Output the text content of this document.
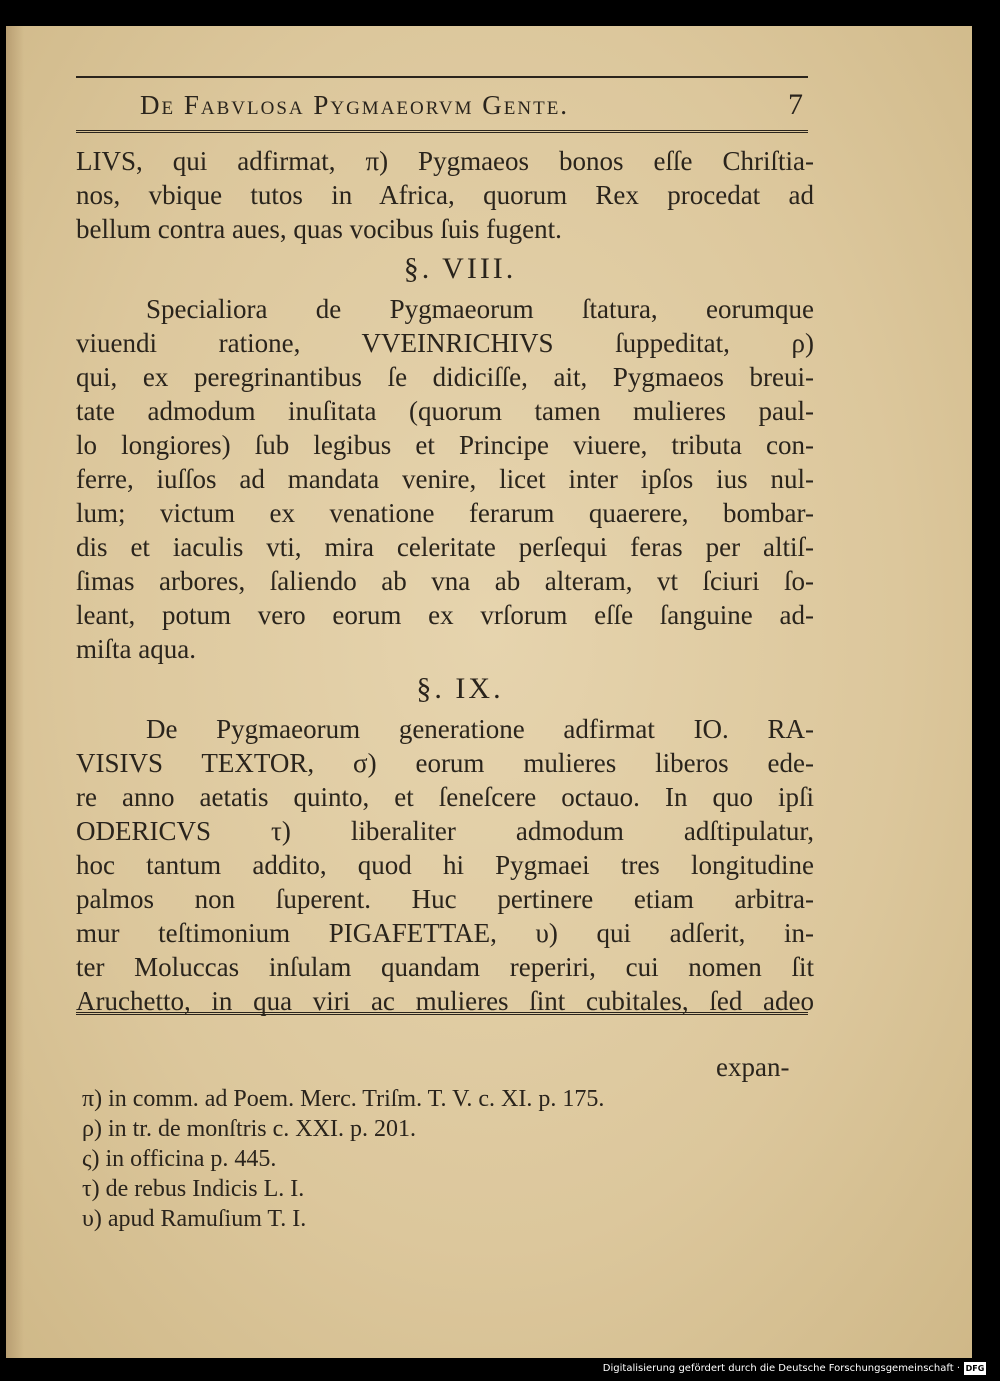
De Fabvlosa Pygmaeorvm Gente.	7
LIVS, qui adfirmat, π) Pygmaeos bonos eſſe Chriſtia-
nos, vbique tutos in Africa, quorum Rex procedat ad
bellum contra aues, quas vocibus ſuis fugent.
§. VIII.
Specialiora de Pygmaeorum ſtatura, eorumque
viuendi ratione, VVEINRICHIVS ſuppeditat, ρ)
qui, ex peregrinantibus ſe didiciſſe, ait, Pygmaeos breui-
tate admodum inuſitata (quorum tamen mulieres paul-
lo longiores) ſub legibus et Principe viuere, tributa con-
ferre, iuſſos ad mandata venire, licet inter ipſos ius nul-
lum; victum ex venatione ferarum quaerere, bombar-
dis et iaculis vti, mira celeritate perſequi feras per altiſ-
ſimas arbores, ſaliendo ab vna ab alteram, vt ſciuri ſo-
leant, potum vero eorum ex vrſorum eſſe ſanguine ad-
miſta aqua.
§. IX.
De Pygmaeorum generatione adfirmat IO. RA-
VISIVS TEXTOR, σ) eorum mulieres liberos ede-
re anno aetatis quinto, et ſeneſcere octauo. In quo ipſi
ODERICVS τ) liberaliter admodum adſtipulatur,
hoc tantum addito, quod hi Pygmaei tres longitudine
palmos non ſuperent. Huc pertinere etiam arbitra-
mur teſtimonium PIGAFETTAE, υ) qui adſerit, in-
ter Moluccas inſulam quandam reperiri, cui nomen ſit
Aruchetto, in qua viri ac mulieres ſint cubitales, ſed adeo
expan-
π) in comm. ad Poem. Merc. Triſm. T. V. c. XI. p. 175.
ρ) in tr. de monſtris c. XXI. p. 201.
ς) in officina p. 445.
τ) de rebus Indicis L. I.
υ) apud Ramuſium T. I.
Digitalisierung gefördert durch die Deutsche Forschungsgemeinschaft · DFG
